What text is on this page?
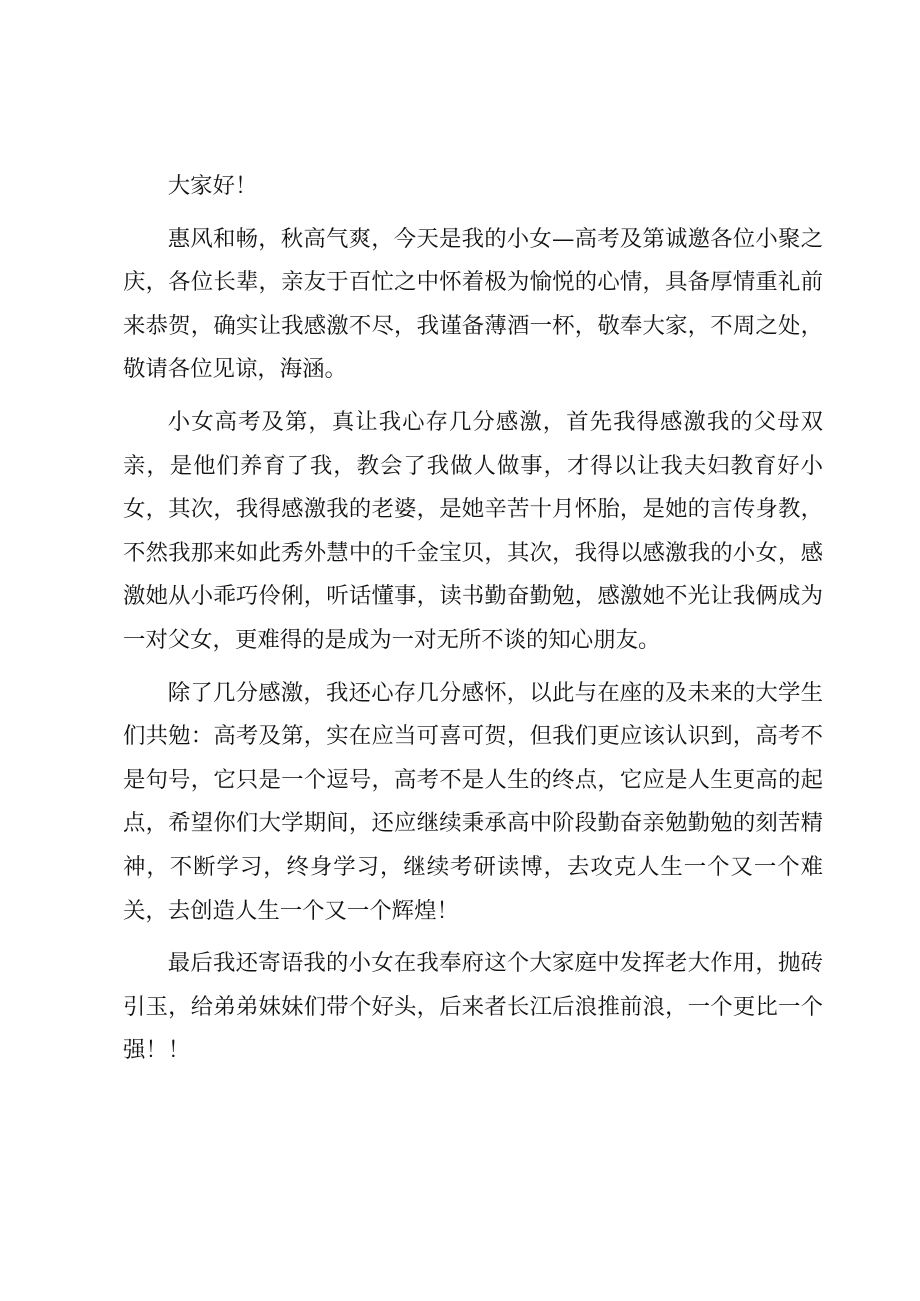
大家好！

惠风和畅，秋高气爽，今天是我的小女—高考及第诚邀各位小聚之庆，各位长辈，亲友于百忙之中怀着极为愉悦的心情，具备厚情重礼前来恭贺，确实让我感激不尽，我谨备薄酒一杯，敬奉大家，不周之处，敬请各位见谅，海涵。

小女高考及第，真让我心存几分感激，首先我得感激我的父母双亲，是他们养育了我，教会了我做人做事，才得以让我夫妇教育好小女，其次，我得感激我的老婆，是她辛苦十月怀胎，是她的言传身教，不然我那来如此秀外慧中的千金宝贝，其次，我得以感激我的小女，感激她从小乖巧伶俐，听话懂事，读书勤奋勤勉，感激她不光让我俩成为一对父女，更难得的是成为一对无所不谈的知心朋友。

除了几分感激，我还心存几分感怀，以此与在座的及未来的大学生们共勉：高考及第，实在应当可喜可贺，但我们更应该认识到，高考不是句号，它只是一个逗号，高考不是人生的终点，它应是人生更高的起点，希望你们大学期间，还应继续秉承高中阶段勤奋亲勉勤勉的刻苦精神，不断学习，终身学习，继续考研读博，去攻克人生一个又一个难关，去创造人生一个又一个辉煌！

最后我还寄语我的小女在我奉府这个大家庭中发挥老大作用，抛砖引玉，给弟弟妹妹们带个好头，后来者长江后浪推前浪，一个更比一个强！！
